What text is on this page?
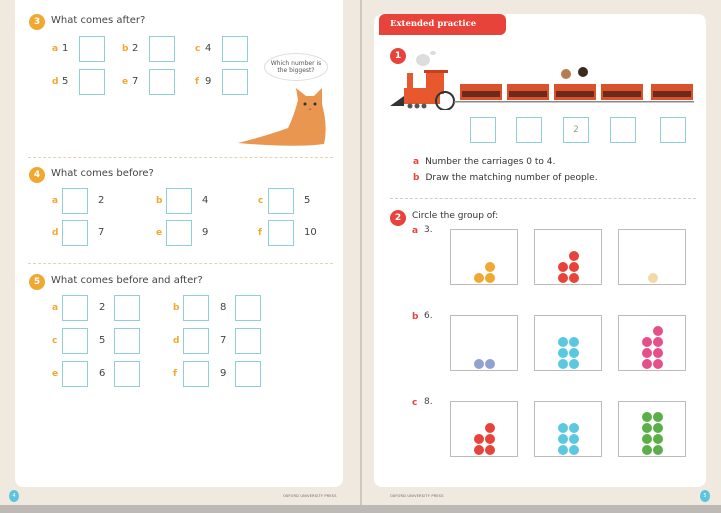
3	What comes after?
a 1	b 2	c 4
d 5	e 7	f 9
Which number is the biggest?
4	What comes before?
a	2	b	4	c	5
d	7	e	9	f	10
5	What comes before and after?
a	2	b	8
c	5	d	7
e	6	f	9
4	OXFORD UNIVERSITY PRESS
Extended practice
1
2
a Number the carriages 0 to 4.
b Draw the matching number of people.
2	Circle the group of:
a 3.
b 6.
c 8.
OXFORD UNIVERSITY PRESS	5
